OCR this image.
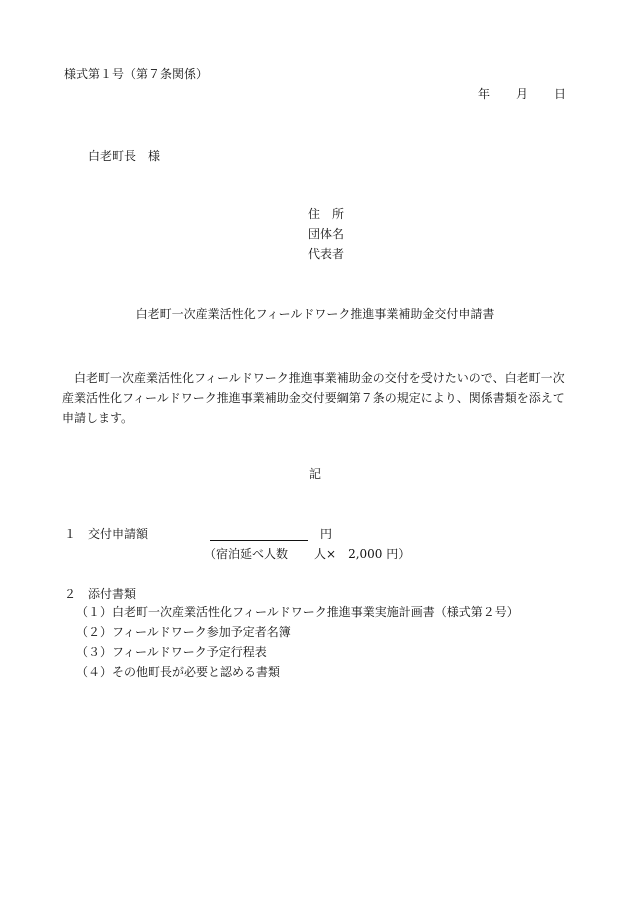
様式第１号（第７条関係）
年 月 日
白老町長　様
住　所
団体名
代表者
白老町一次産業活性化フィールドワーク推進事業補助金交付申請書
白老町一次産業活性化フィールドワーク推進事業補助金の交付を受けたいので、白老町一次産業活性化フィールドワーク推進事業補助金交付要綱第７条の規定により、関係書類を添えて申請します。
記
１ 交付申請額	円
（宿泊延べ人数 人×　2,000 円）
２ 添付書類
（１）白老町一次産業活性化フィールドワーク推進事業実施計画書（様式第２号）
（２）フィールドワーク参加予定者名簿
（３）フィールドワーク予定行程表
（４）その他町長が必要と認める書類
